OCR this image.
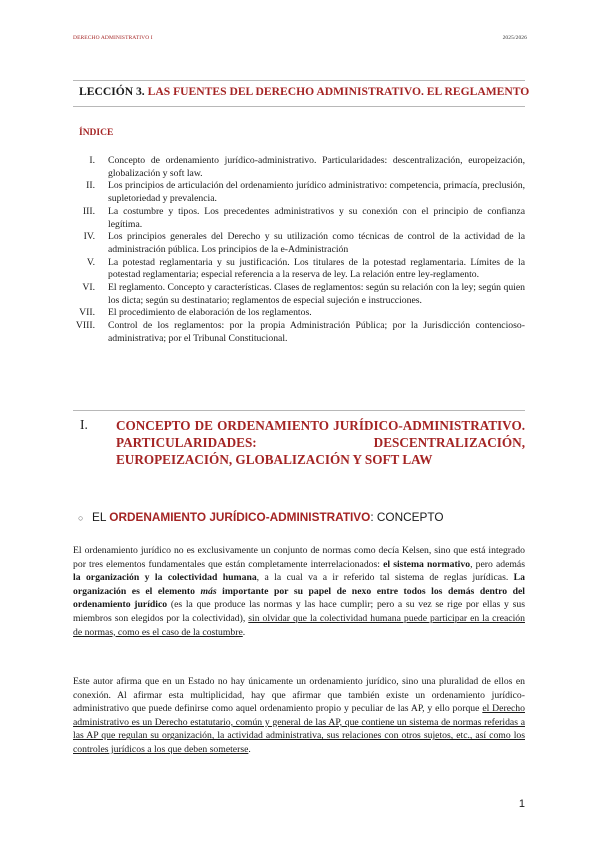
DERECHO ADMINISTRATIVO I	2025/2026
LECCIÓN 3. LAS FUENTES DEL DERECHO ADMINISTRATIVO. EL REGLAMENTO
ÍNDICE
I.	Concepto de ordenamiento jurídico-administrativo. Particularidades: descentralización, europeización, globalización y soft law.
II.	Los principios de articulación del ordenamiento jurídico administrativo: competencia, primacía, preclusión, supletoriedad y prevalencia.
III.	La costumbre y tipos. Los precedentes administrativos y su conexión con el principio de confianza legítima.
IV.	Los principios generales del Derecho y su utilización como técnicas de control de la actividad de la administración pública. Los principios de la e-Administración
V.	La potestad reglamentaria y su justificación. Los titulares de la potestad reglamentaria. Límites de la potestad reglamentaria; especial referencia a la reserva de ley. La relación entre ley-reglamento.
VI.	El reglamento. Concepto y características. Clases de reglamentos: según su relación con la ley; según quien los dicta; según su destinatario; reglamentos de especial sujeción e instrucciones.
VII.	El procedimiento de elaboración de los reglamentos.
VIII.	Control de los reglamentos: por la propia Administración Pública; por la Jurisdicción contencioso-administrativa; por el Tribunal Constitucional.
I.	CONCEPTO DE ORDENAMIENTO JURÍDICO-ADMINISTRATIVO. PARTICULARIDADES: DESCENTRALIZACIÓN, EUROPEIZACIÓN, GLOBALIZACIÓN Y SOFT LAW
○ EL ORDENAMIENTO JURÍDICO-ADMINISTRATIVO: CONCEPTO

El ordenamiento jurídico no es exclusivamente un conjunto de normas como decía Kelsen, sino que está integrado por tres elementos fundamentales que están completamente interrelacionados: el sistema normativo, pero además la organización y la colectividad humana, a la cual va a ir referido tal sistema de reglas jurídicas. La organización es el elemento más importante por su papel de nexo entre todos los demás dentro del ordenamiento jurídico (es la que produce las normas y las hace cumplir; pero a su vez se rige por ellas y sus miembros son elegidos por la colectividad), sin olvidar que la colectividad humana puede participar en la creación de normas, como es el caso de la costumbre.

Este autor afirma que en un Estado no hay únicamente un ordenamiento jurídico, sino una pluralidad de ellos en conexión. Al afirmar esta multiplicidad, hay que afirmar que también existe un ordenamiento jurídico-administrativo que puede definirse como aquel ordenamiento propio y peculiar de las AP, y ello porque el Derecho administrativo es un Derecho estatutario, común y general de las AP, que contiene un sistema de normas referidas a las AP que regulan su organización, la actividad administrativa, sus relaciones con otros sujetos, etc., así como los controles jurídicos a los que deben someterse.

1
